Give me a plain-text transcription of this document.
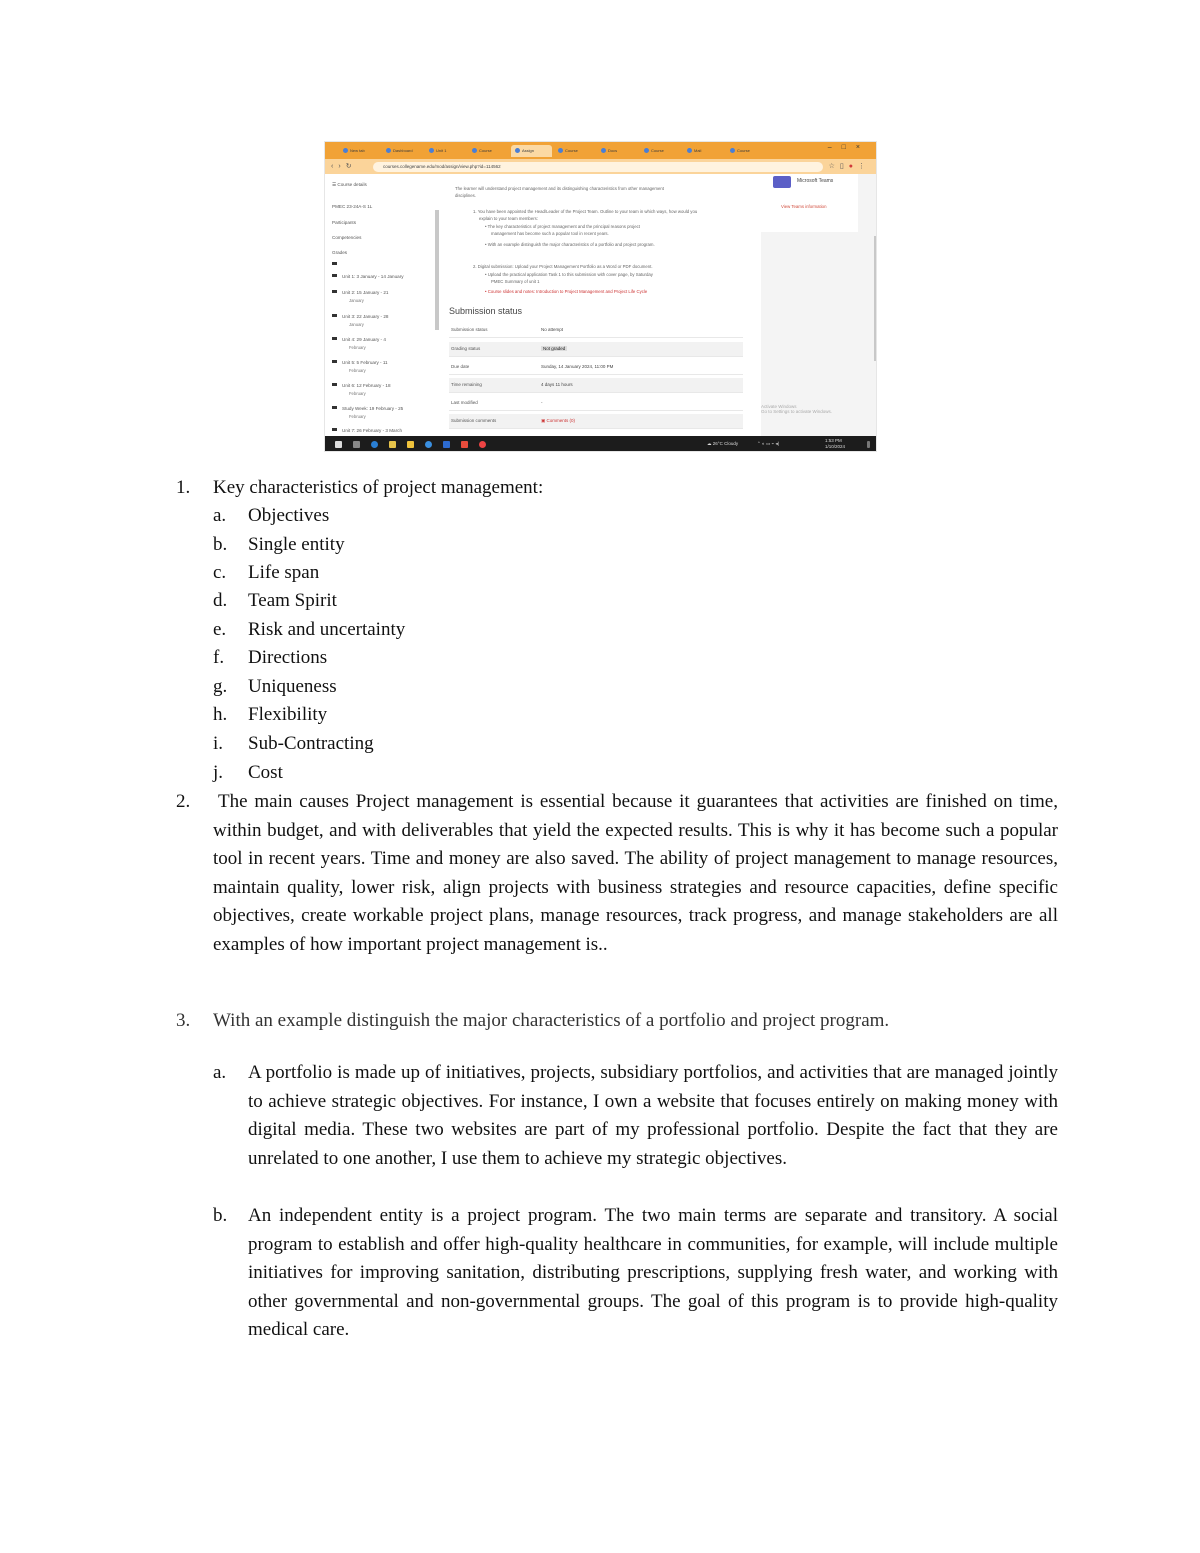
New tab	Dashboard	Unit 1	Course	Assign	Course	Docs	Course	Mail	Course	–□×
‹›↻	courses.collegename.edu/mod/assign/view.php?id=114562	☆▯●⋮
☰ Course details
PMEC 23-24A-S 1L
Participants
Competencies
Grades
Unit 1: 3 January - 14 January
Unit 2: 15 January - 21
January
Unit 3: 22 January - 28
January
Unit 4: 29 January - 4
February
Unit 5: 5 February - 11
February
Unit 6: 12 February - 18
February
Study Week: 19 February - 25
February
Unit 7: 26 February - 3 March
The learner will understand project management and its distinguishing characteristics from other management
disciplines.
1. You have been appointed the Head/Leader of the Project Team. Outline to your team in which ways, how would you
explain to your team members:
• The key characteristics of project management and the principal reasons project
management has become such a popular tool in recent years.
• With an example distinguish the major characteristics of a portfolio and project program.
2. Digital submission: Upload your Project Management Portfolio as a Word or PDF document.
• Upload the practical application Task 1 to this submission with cover page, by Saturday
PMEC Summary of unit 1
• Course slides and notes: Introduction to Project Management and Project Life Cycle
Submission status
Submission status	No attempt
Grading status	Not graded
Due date	Sunday, 14 January 2024, 11:00 PM
Time remaining	4 days 11 hours
Last modified	-
Submission comments	▣ Comments (0)
Microsoft Teams
View Teams information
Activate Windows
Go to Settings to activate Windows.
☁ 26°C Cloudy	⌃ ◐ ▭ ⌁ ◂)
1:53 PM
1/10/2024
1. Key characteristics of project management:
a. Objectives
b. Single entity
c. Life span
d. Team Spirit
e. Risk and uncertainty
f. Directions
g. Uniqueness
h. Flexibility
i. Sub-Contracting
j. Cost
2. The main causes Project management is essential because it guarantees that activities are finished on time, within budget, and with deliverables that yield the expected results. This is why it has become such a popular tool in recent years. Time and money are also saved. The ability of project management to manage resources, maintain quality, lower risk, align projects with business strategies and resource capacities, define specific objectives, create workable project plans, manage resources, track progress, and manage stakeholders are all examples of how important project management is..
3. With an example distinguish the major characteristics of a portfolio and project program.
a. A portfolio is made up of initiatives, projects, subsidiary portfolios, and activities that are managed jointly to achieve strategic objectives. For instance, I own a website that focuses entirely on making money with digital media. These two websites are part of my professional portfolio. Despite the fact that they are unrelated to one another, I use them to achieve my strategic objectives.
b. An independent entity is a project program. The two main terms are separate and transitory. A social program to establish and offer high-quality healthcare in communities, for example, will include multiple initiatives for improving sanitation, distributing prescriptions, supplying fresh water, and working with other governmental and non-governmental groups. The goal of this program is to provide high-quality medical care.
